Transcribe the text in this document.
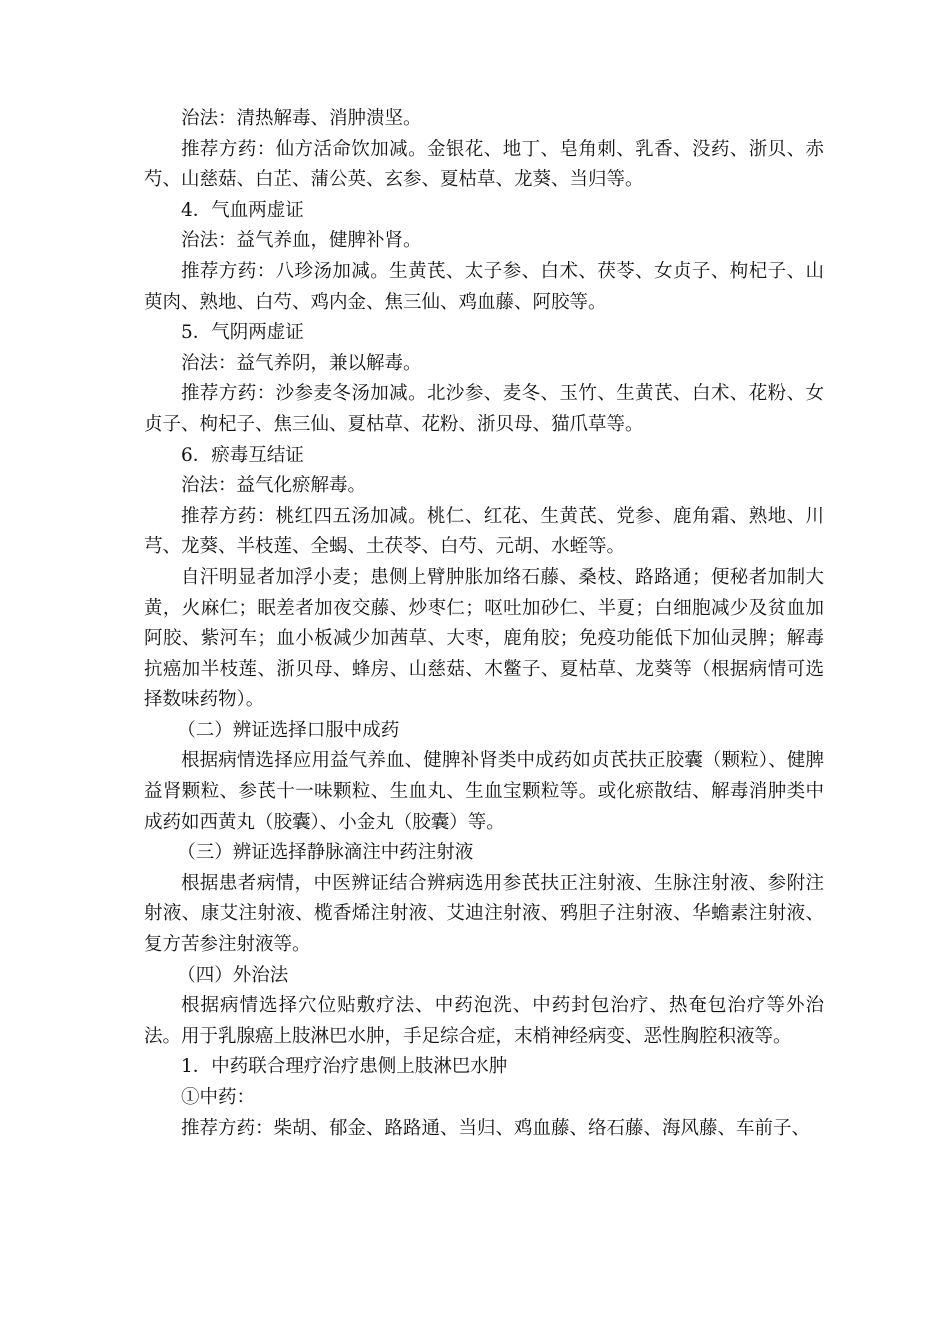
治法：清热解毒、消肿溃坚。

推荐方药：仙方活命饮加减。金银花、地丁、皂角刺、乳香、没药、浙贝、赤芍、山慈菇、白芷、蒲公英、玄参、夏枯草、龙葵、当归等。

4．气血两虚证

治法：益气养血，健脾补肾。

推荐方药：八珍汤加减。生黄芪、太子参、白术、茯苓、女贞子、枸杞子、山萸肉、熟地、白芍、鸡内金、焦三仙、鸡血藤、阿胶等。

5．气阴两虚证

治法：益气养阴，兼以解毒。

推荐方药：沙参麦冬汤加减。北沙参、麦冬、玉竹、生黄芪、白术、花粉、女贞子、枸杞子、焦三仙、夏枯草、花粉、浙贝母、猫爪草等。

6．瘀毒互结证

治法：益气化瘀解毒。

推荐方药：桃红四五汤加减。桃仁、红花、生黄芪、党参、鹿角霜、熟地、川芎、龙葵、半枝莲、全蝎、土茯苓、白芍、元胡、水蛭等。

自汗明显者加浮小麦；患侧上臂肿胀加络石藤、桑枝、路路通；便秘者加制大黄，火麻仁；眠差者加夜交藤、炒枣仁；呕吐加砂仁、半夏；白细胞减少及贫血加阿胶、紫河车；血小板减少加茜草、大枣，鹿角胶；免疫功能低下加仙灵脾；解毒抗癌加半枝莲、浙贝母、蜂房、山慈菇、木鳖子、夏枯草、龙葵等（根据病情可选择数味药物）。

（二）辨证选择口服中成药

根据病情选择应用益气养血、健脾补肾类中成药如贞芪扶正胶囊（颗粒）、健脾益肾颗粒、参芪十一味颗粒、生血丸、生血宝颗粒等。或化瘀散结、解毒消肿类中成药如西黄丸（胶囊）、小金丸（胶囊）等。

（三）辨证选择静脉滴注中药注射液

根据患者病情，中医辨证结合辨病选用参芪扶正注射液、生脉注射液、参附注射液、康艾注射液、榄香烯注射液、艾迪注射液、鸦胆子注射液、华蟾素注射液、复方苦参注射液等。

（四）外治法

根据病情选择穴位贴敷疗法、中药泡洗、中药封包治疗、热奄包治疗等外治法。用于乳腺癌上肢淋巴水肿，手足综合症，末梢神经病变、恶性胸腔积液等。

1．中药联合理疗治疗患侧上肢淋巴水肿

①中药：

推荐方药：柴胡、郁金、路路通、当归、鸡血藤、络石藤、海风藤、车前子、
